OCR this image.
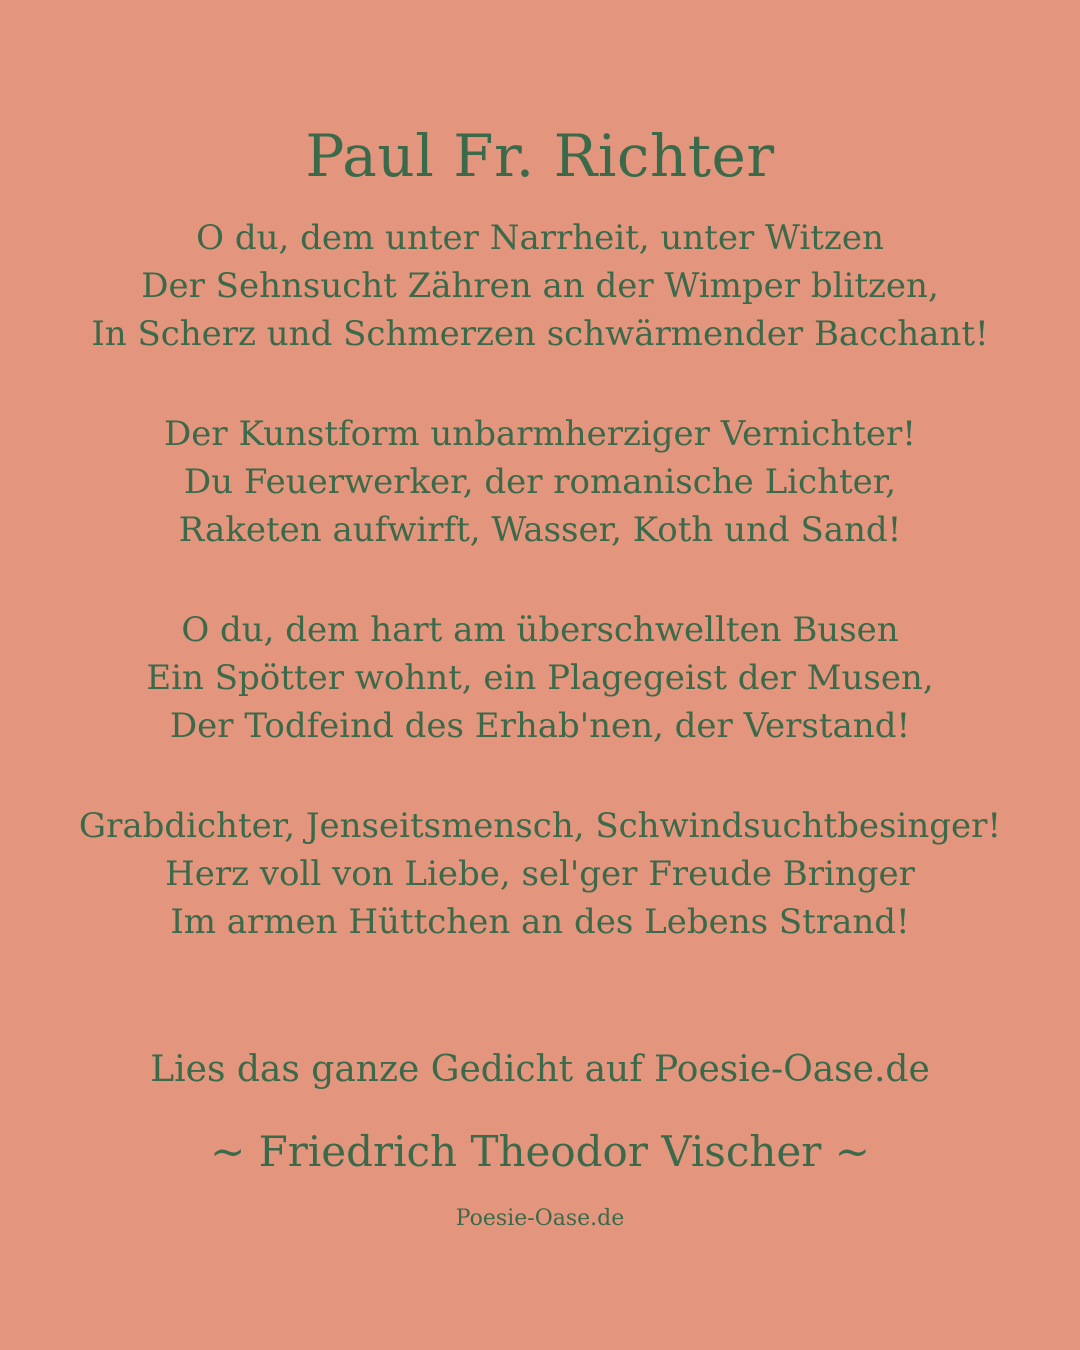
Paul Fr. Richter
O du, dem unter Narrheit, unter Witzen
Der Sehnsucht Zähren an der Wimper blitzen,
In Scherz und Schmerzen schwärmender Bacchant!
Der Kunstform unbarmherziger Vernichter!
Du Feuerwerker, der romanische Lichter,
Raketen aufwirft, Wasser, Koth und Sand!
O du, dem hart am überschwellten Busen
Ein Spötter wohnt, ein Plagegeist der Musen,
Der Todfeind des Erhab'nen, der Verstand!
Grabdichter, Jenseitsmensch, Schwindsuchtbesinger!
Herz voll von Liebe, sel'ger Freude Bringer
Im armen Hüttchen an des Lebens Strand!
Lies das ganze Gedicht auf Poesie-Oase.de
~ Friedrich Theodor Vischer ~
Poesie-Oase.de
